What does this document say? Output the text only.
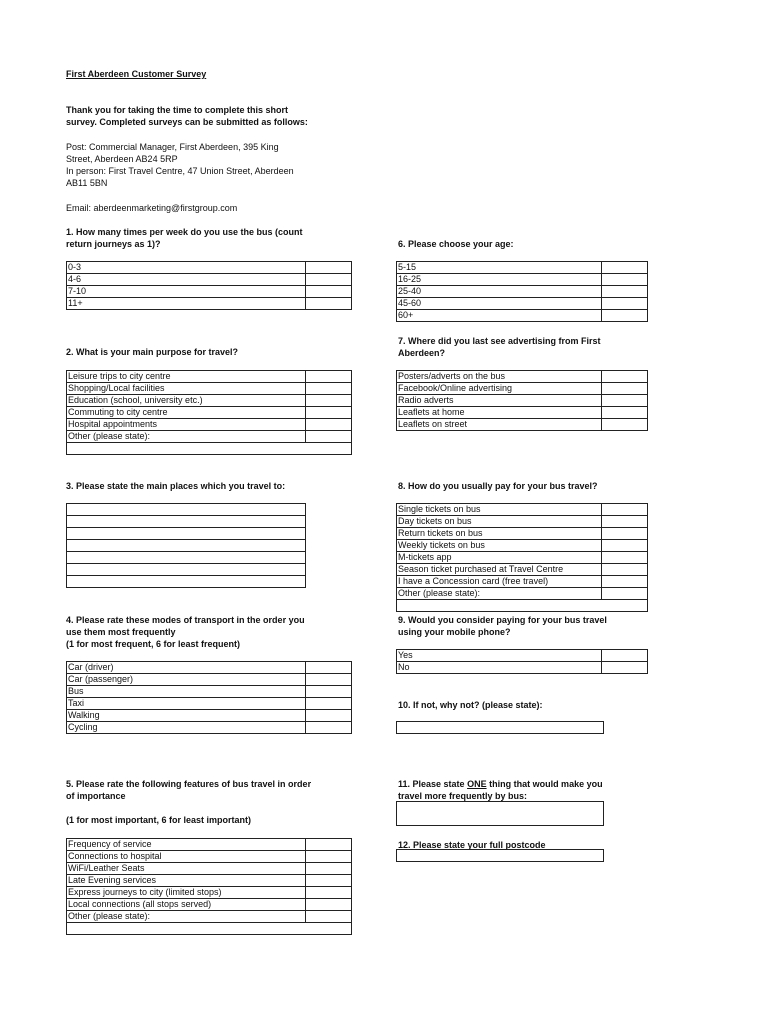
First Aberdeen Customer Survey
Thank you for taking the time to complete this short
survey. Completed surveys can be submitted as follows:
Post: Commercial Manager, First Aberdeen, 395 King
Street, Aberdeen AB24 5RP
In person: First Travel Centre, 47 Union Street, Aberdeen
AB11 5BN
Email: aberdeenmarketing@firstgroup.com
1. How many times per week do you use the bus (count
return journeys as 1)?
0-3	
4-6	
7-10	
11+	
2. What is your main purpose for travel?
Leisure trips to city centre	
Shopping/Local facilities	
Education (school, university etc.)	
Commuting to city centre	
Hospital appointments	
Other (please state):	

3. Please state the main places which you travel to:

4. Please rate these modes of transport in the order you
use them most frequently
(1 for most frequent, 6 for least frequent)
Car (driver)	
Car (passenger)	
Bus	
Taxi	
Walking	
Cycling	
5. Please rate the following features of bus travel in order
of importance
(1 for most important, 6 for least important)
Frequency of service	
Connections to hospital	
WiFi/Leather Seats	
Late Evening services	
Express journeys to city (limited stops)	
Local connections (all stops served)	
Other (please state):	

6. Please choose your age:
5-15	
16-25	
25-40	
45-60	
60+	
7. Where did you last see advertising from First
Aberdeen?
Posters/adverts on the bus	
Facebook/Online advertising	
Radio adverts	
Leaflets at home	
Leaflets on street	
8. How do you usually pay for your bus travel?
Single tickets on bus	
Day tickets on bus	
Return tickets on bus	
Weekly tickets on bus	
M-tickets app	
Season ticket purchased at Travel Centre	
I have a Concession card (free travel)	
Other (please state):	

9. Would you consider paying for your bus travel
using your mobile phone?
Yes	
No	
10. If not, why not? (please state):
11. Please state ONE thing that would make you
travel more frequently by bus:
12. Please state your full postcode
